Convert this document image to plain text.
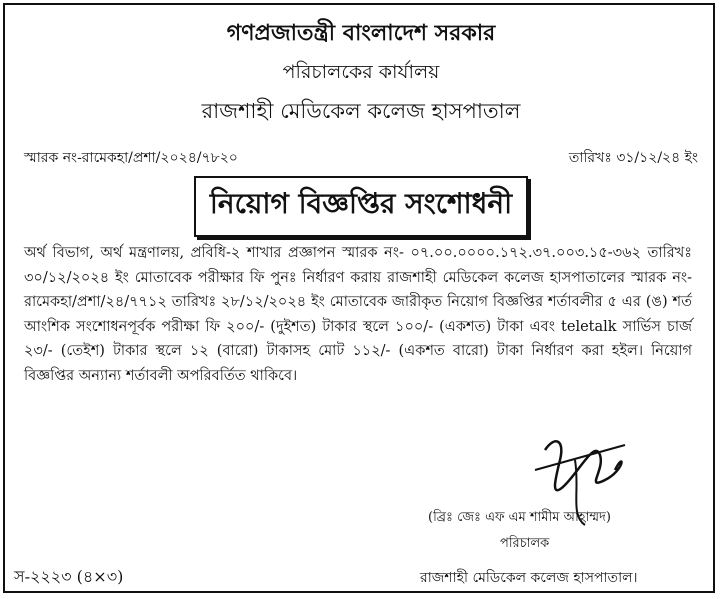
গণপ্রজাতন্ত্রী বাংলাদেশ সরকার
পরিচালকের কার্যালয়
রাজশাহী মেডিকেল কলেজ হাসপাতাল
স্মারক নং-রামেকহা/প্রশা/২০২৪/৭৮২০	তারিখঃ ৩১/১২/২৪ ইং
নিয়োগ বিজ্ঞপ্তির সংশোধনী
অর্থ বিভাগ, অর্থ মন্ত্রণালয়, প্রবিধি-২ শাখার প্রজ্ঞাপন স্মারক নং- ০৭.০০.০০০০.১৭২.৩৭.০০৩.১৫-৩৬২ তারিখঃ ৩০/১২/২০২৪ ইং মোতাবেক পরীক্ষার ফি পুনঃ নির্ধারণ করায় রাজশাহী মেডিকেল কলেজ হাসপাতালের স্মারক নং- রামেকহা/প্রশা/২৪/৭৭১২ তারিখঃ ২৮/১২/২০২৪ ইং মোতাবেক জারীকৃত নিয়োগ বিজ্ঞপ্তির শর্তাবলীর ৫ এর (ঙ) শর্ত আংশিক সংশোধনপূর্বক পরীক্ষা ফি ২০০/- (দুইশত) টাকার স্থলে ১০০/- (একশত) টাকা এবং teletalk সার্ভিস চার্জ ২৩/- (তেইশ) টাকার স্থলে ১২ (বারো) টাকাসহ মোট ১১২/- (একশত বারো) টাকা নির্ধারণ করা হইল। নিয়োগ বিজ্ঞপ্তির অন্যান্য শর্তাবলী অপরিবর্তিত থাকিবে।
(ব্রিঃ জেঃ এফ এম শামীম আহাম্মদ)
পরিচালক
রাজশাহী মেডিকেল কলেজ হাসপাতাল।
স-২২২৩ (৪×৩)
